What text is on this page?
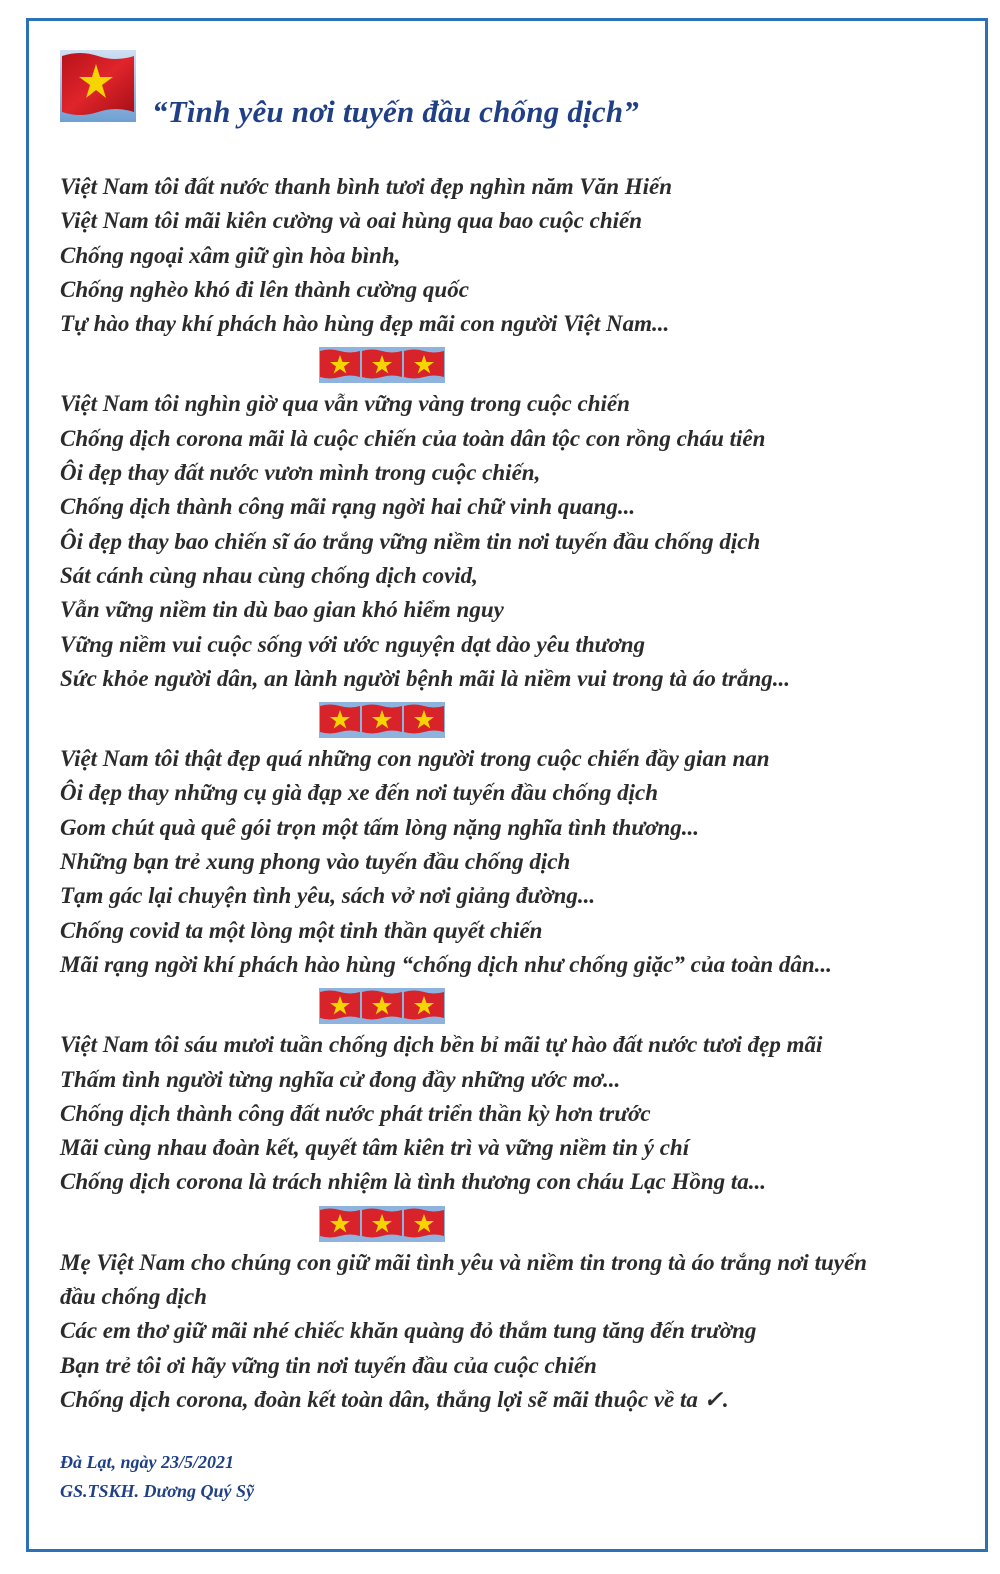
“Tình yêu nơi tuyến đầu chống dịch”
Việt Nam tôi đất nước thanh bình tươi đẹp nghìn năm Văn Hiến
Việt Nam tôi mãi kiên cường và oai hùng qua bao cuộc chiến
Chống ngoại xâm giữ gìn hòa bình,
Chống nghèo khó đi lên thành cường quốc
Tự hào thay khí phách hào hùng đẹp mãi con người Việt Nam...
Việt Nam tôi nghìn giờ qua vẫn vững vàng trong cuộc chiến
Chống dịch corona mãi là cuộc chiến của toàn dân tộc con rồng cháu tiên
Ôi đẹp thay đất nước vươn mình trong cuộc chiến,
Chống dịch thành công mãi rạng ngời hai chữ vinh quang...
Ôi đẹp thay bao chiến sĩ áo trắng vững niềm tin nơi tuyến đầu chống dịch
Sát cánh cùng nhau cùng chống dịch covid,
Vẫn vững niềm tin dù bao gian khó hiểm nguy
Vững niềm vui cuộc sống với ước nguyện dạt dào yêu thương
Sức khỏe người dân, an lành người bệnh mãi là niềm vui trong tà áo trắng...
Việt Nam tôi thật đẹp quá những con người trong cuộc chiến đầy gian nan
Ôi đẹp thay những cụ già đạp xe đến nơi tuyến đầu chống dịch
Gom chút quà quê gói trọn một tấm lòng nặng nghĩa tình thương...
Những bạn trẻ xung phong vào tuyến đầu chống dịch
Tạm gác lại chuyện tình yêu, sách vở nơi giảng đường...
Chống covid ta một lòng một tinh thần quyết chiến
Mãi rạng ngời khí phách hào hùng “chống dịch như chống giặc” của toàn dân...
Việt Nam tôi sáu mươi tuần chống dịch bền bỉ mãi tự hào đất nước tươi đẹp mãi
Thấm tình người từng nghĩa cử đong đầy những ước mơ...
Chống dịch thành công đất nước phát triển thần kỳ hơn trước
Mãi cùng nhau đoàn kết, quyết tâm kiên trì và vững niềm tin ý chí
Chống dịch corona là trách nhiệm là tình thương con cháu Lạc Hồng ta...
Mẹ Việt Nam cho chúng con giữ mãi tình yêu và niềm tin trong tà áo trắng nơi tuyến
đầu chống dịch
Các em thơ giữ mãi nhé chiếc khăn quàng đỏ thắm tung tăng đến trường
Bạn trẻ tôi ơi hãy vững tin nơi tuyến đầu của cuộc chiến
Chống dịch corona, đoàn kết toàn dân, thắng lợi sẽ mãi thuộc về ta ✓.
Đà Lạt, ngày 23/5/2021
GS.TSKH. Dương Quý Sỹ
